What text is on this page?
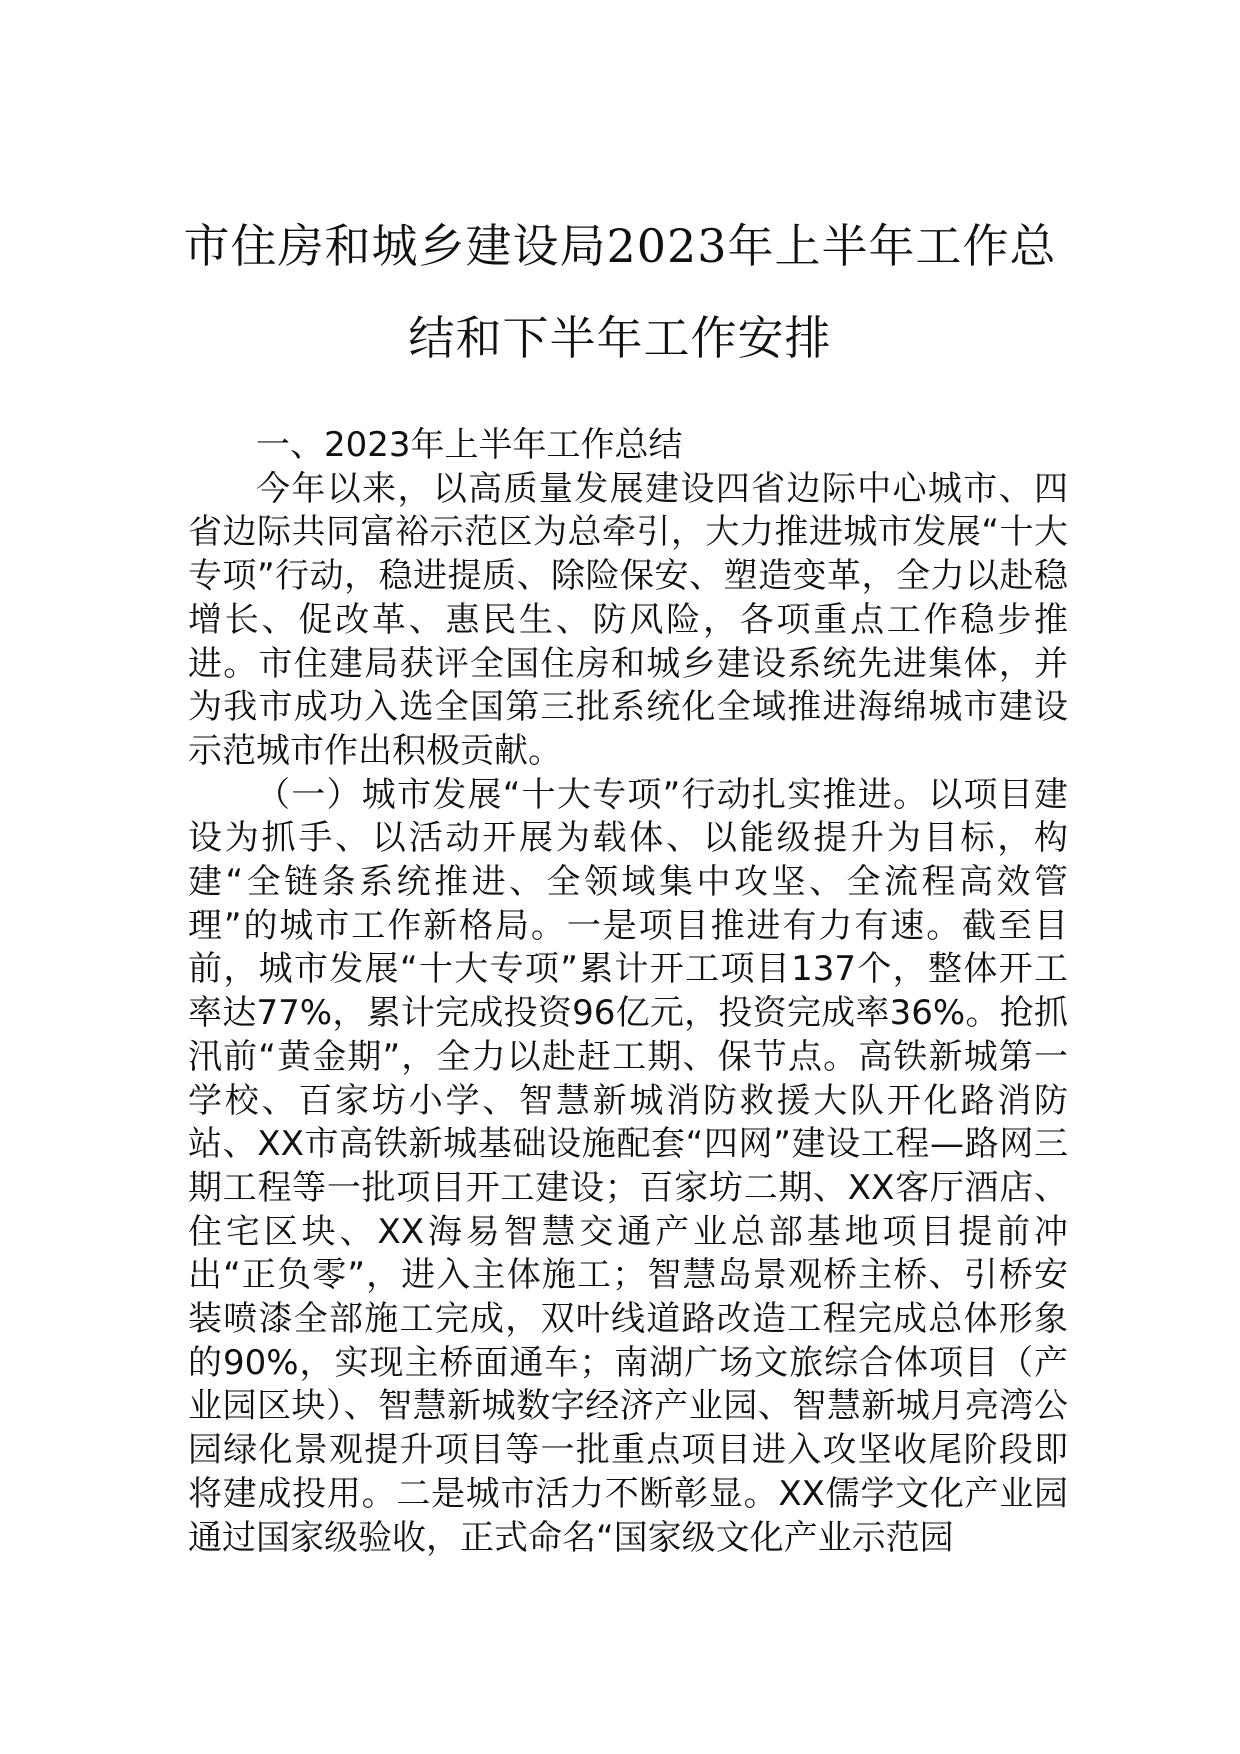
市住房和城乡建设局2023年上半年工作总
结和下半年工作安排

一、2023年上半年工作总结

今年以来，以高质量发展建设四省边际中心城市、四省边际共同富裕示范区为总牵引，大力推进城市发展“十大专项”行动，稳进提质、除险保安、塑造变革，全力以赴稳增长、促改革、惠民生、防风险，各项重点工作稳步推进。市住建局获评全国住房和城乡建设系统先进集体，并为我市成功入选全国第三批系统化全域推进海绵城市建设示范城市作出积极贡献。

（一）城市发展“十大专项”行动扎实推进。以项目建设为抓手、以活动开展为载体、以能级提升为目标，构建“全链条系统推进、全领域集中攻坚、全流程高效管理”的城市工作新格局。一是项目推进有力有速。截至目前，城市发展“十大专项”累计开工项目137个，整体开工率达77%，累计完成投资96亿元，投资完成率36%。抢抓汛前“黄金期”，全力以赴赶工期、保节点。高铁新城第一学校、百家坊小学、智慧新城消防救援大队开化路消防站、XX市高铁新城基础设施配套“四网”建设工程—路网三期工程等一批项目开工建设；百家坊二期、XX客厅酒店、住宅区块、XX海易智慧交通产业总部基地项目提前冲出“正负零”，进入主体施工；智慧岛景观桥主桥、引桥安装喷漆全部施工完成，双叶线道路改造工程完成总体形象的90%，实现主桥面通车；南湖广场文旅综合体项目（产业园区块）、智慧新城数字经济产业园、智慧新城月亮湾公园绿化景观提升项目等一批重点项目进入攻坚收尾阶段即将建成投用。二是城市活力不断彰显。XX儒学文化产业园通过国家级验收，正式命名“国家级文化产业示范园
